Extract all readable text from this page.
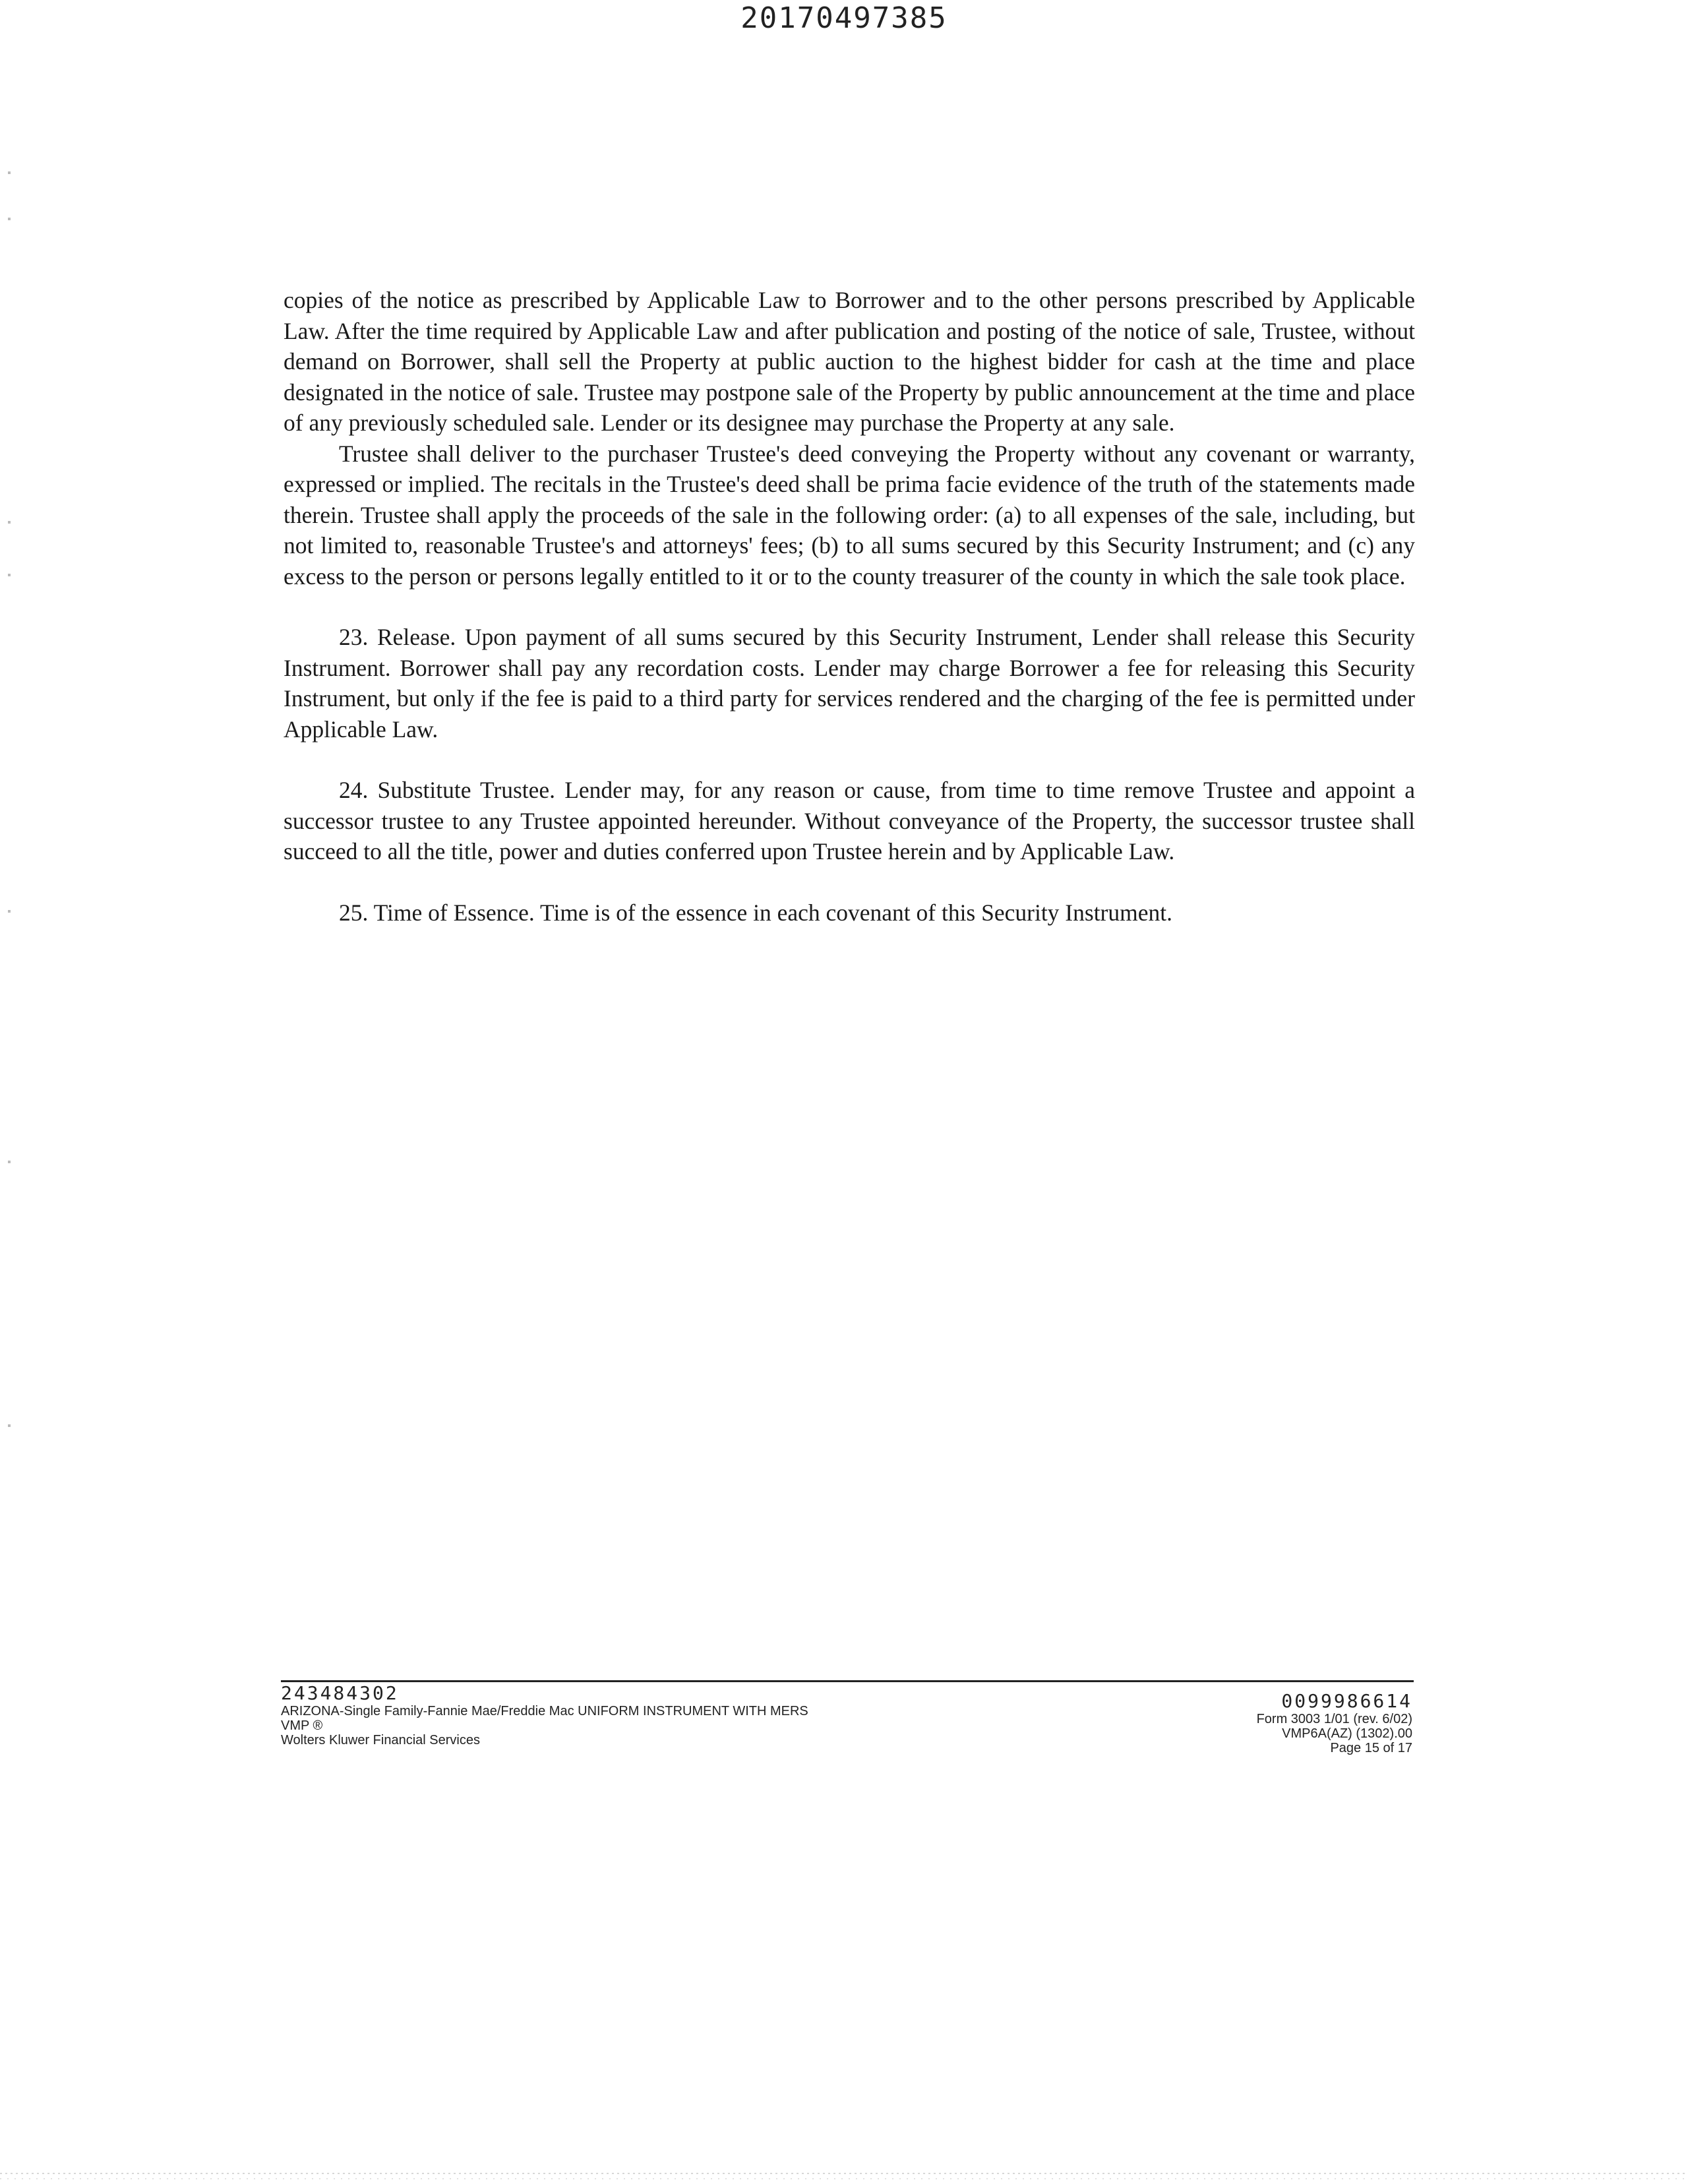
20170497385

copies of the notice as prescribed by Applicable Law to Borrower and to the other persons prescribed by Applicable Law. After the time required by Applicable Law and after publication and posting of the notice of sale, Trustee, without demand on Borrower, shall sell the Property at public auction to the highest bidder for cash at the time and place designated in the notice of sale. Trustee may postpone sale of the Property by public announcement at the time and place of any previously scheduled sale. Lender or its designee may purchase the Property at any sale.

Trustee shall deliver to the purchaser Trustee's deed conveying the Property without any covenant or warranty, expressed or implied. The recitals in the Trustee's deed shall be prima facie evidence of the truth of the statements made therein. Trustee shall apply the proceeds of the sale in the following order: (a) to all expenses of the sale, including, but not limited to, reasonable Trustee's and attorneys' fees; (b) to all sums secured by this Security Instrument; and (c) any excess to the person or persons legally entitled to it or to the county treasurer of the county in which the sale took place.

23. Release. Upon payment of all sums secured by this Security Instrument, Lender shall release this Security Instrument. Borrower shall pay any recordation costs. Lender may charge Borrower a fee for releasing this Security Instrument, but only if the fee is paid to a third party for services rendered and the charging of the fee is permitted under Applicable Law.

24. Substitute Trustee. Lender may, for any reason or cause, from time to time remove Trustee and appoint a successor trustee to any Trustee appointed hereunder. Without conveyance of the Property, the successor trustee shall succeed to all the title, power and duties conferred upon Trustee herein and by Applicable Law.

25. Time of Essence. Time is of the essence in each covenant of this Security Instrument.

243484302
ARIZONA-Single Family-Fannie Mae/Freddie Mac UNIFORM INSTRUMENT WITH MERS
VMP ®
Wolters Kluwer Financial Services
0099986614
Form 3003 1/01 (rev. 6/02)
VMP6A(AZ) (1302).00
Page 15 of 17
